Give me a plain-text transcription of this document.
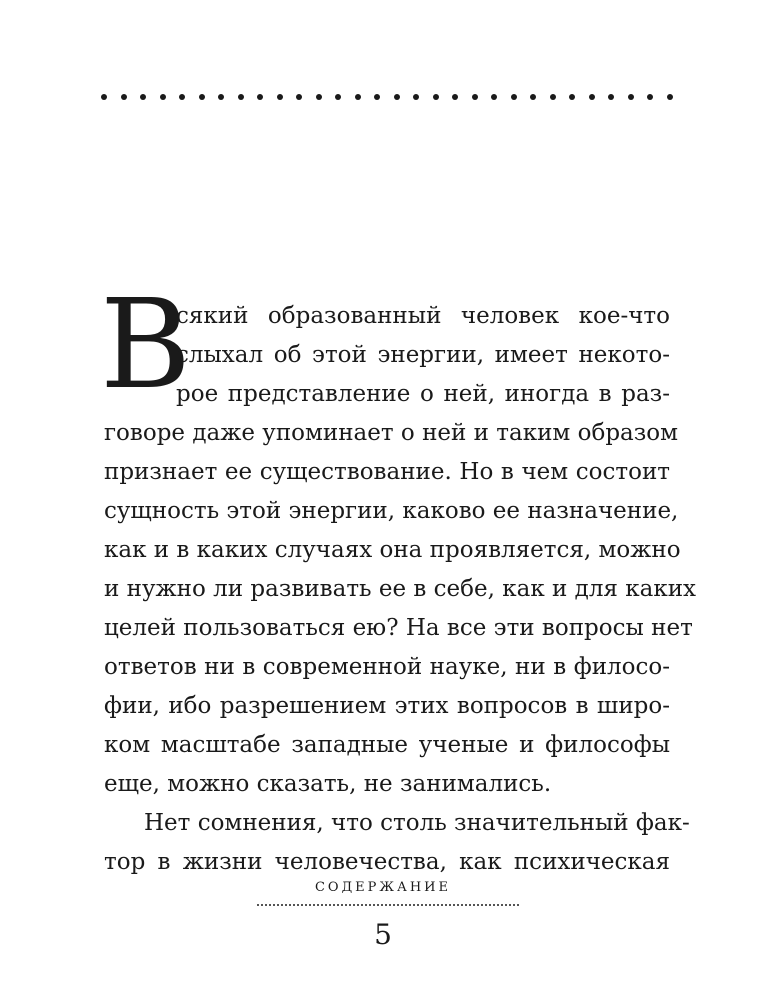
В
сякий образованный человек кое-что
слыхал об этой энергии, имеет некото-
рое представление о ней, иногда в раз-
говоре даже упоминает о ней и таким образом
признает ее существование. Но в чем состоит
сущность этой энергии, каково ее назначение,
как и в каких случаях она проявляется, можно
и нужно ли развивать ее в себе, как и для каких
целей пользоваться ею? На все эти вопросы нет
ответов ни в современной науке, ни в филосо-
фии, ибо разрешением этих вопросов в широ-
ком масштабе западные ученые и философы
еще, можно сказать, не занимались.
Нет сомнения, что столь значительный фак-
тор в жизни человечества, как психическая
СОДЕРЖАНИЕ
5
